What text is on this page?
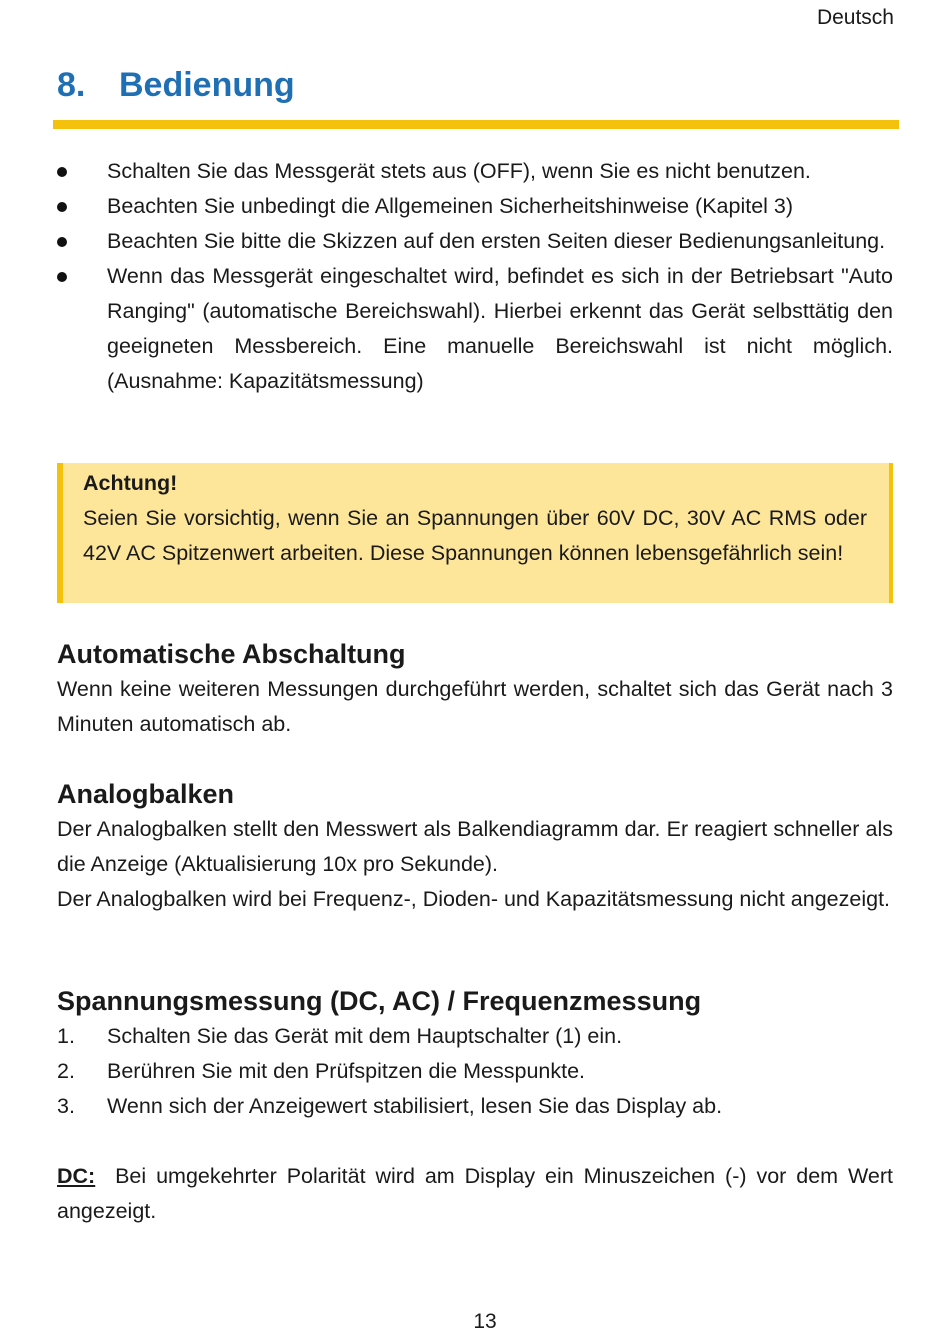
Deutsch
8. Bedienung
Schalten Sie das Messgerät stets aus (OFF), wenn Sie es nicht benutzen.
Beachten Sie unbedingt die Allgemeinen Sicherheitshinweise (Kapitel 3)
Beachten Sie bitte die Skizzen auf den ersten Seiten dieser Bedienungsanleitung.
Wenn das Messgerät eingeschaltet wird, befindet es sich in der Betriebsart "Auto Ranging" (automatische Bereichswahl). Hierbei erkennt das Gerät selbsttätig den geeigneten Messbereich. Eine manuelle Bereichswahl ist nicht möglich. (Ausnahme: Kapazitätsmessung)
Achtung!
Seien Sie vorsichtig, wenn Sie an Spannungen über 60V DC, 30V AC RMS oder 42V AC Spitzenwert arbeiten. Diese Spannungen können lebensgefährlich sein!
Automatische Abschaltung

Wenn keine weiteren Messungen durchgeführt werden, schaltet sich das Gerät nach 3 Minuten automatisch ab.

Analogbalken

Der Analogbalken stellt den Messwert als Balkendiagramm dar. Er reagiert schneller als die Anzeige (Aktualisierung 10x pro Sekunde).

Der Analogbalken wird bei Frequenz-, Dioden- und Kapazitätsmessung nicht angezeigt.

Spannungsmessung (DC, AC) / Frequenzmessung
1. Schalten Sie das Gerät mit dem Hauptschalter (1) ein.
2. Berühren Sie mit den Prüfspitzen die Messpunkte.
3. Wenn sich der Anzeigewert stabilisiert, lesen Sie das Display ab.

DC: Bei umgekehrter Polarität wird am Display ein Minuszeichen (-) vor dem Wert angezeigt.

13
